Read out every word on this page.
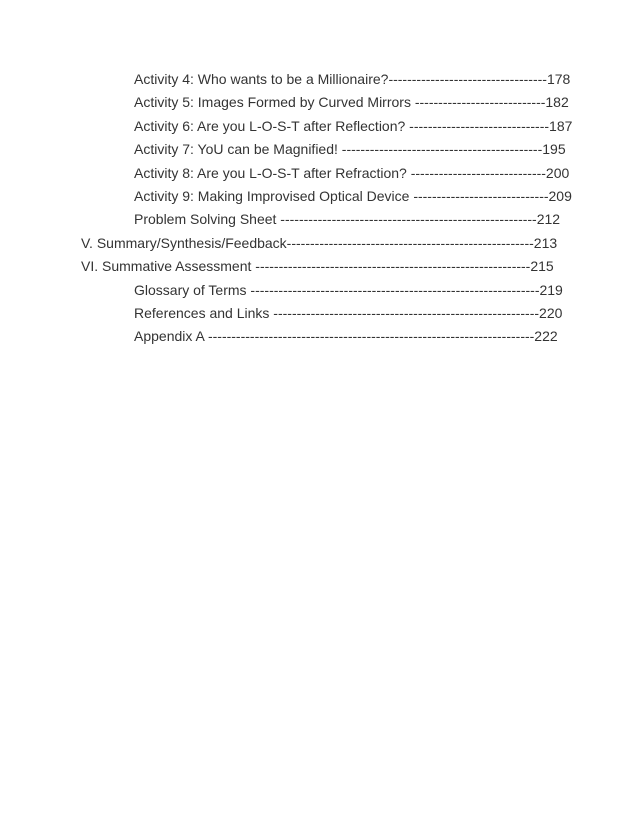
Activity 4: Who wants to be a Millionaire?----------------------------------178
Activity 5: Images Formed by Curved Mirrors ----------------------------182
Activity 6: Are you L-O-S-T after Reflection? ------------------------------187
Activity 7: YoU can be Magnified! -------------------------------------------195
Activity 8: Are you L-O-S-T after Refraction? -----------------------------200
Activity 9: Making Improvised Optical Device -----------------------------209
Problem Solving Sheet -------------------------------------------------------212
V. Summary/Synthesis/Feedback-----------------------------------------------------213
VI. Summative Assessment -----------------------------------------------------------215
Glossary of Terms --------------------------------------------------------------219
References and Links ---------------------------------------------------------220
Appendix A ----------------------------------------------------------------------222
